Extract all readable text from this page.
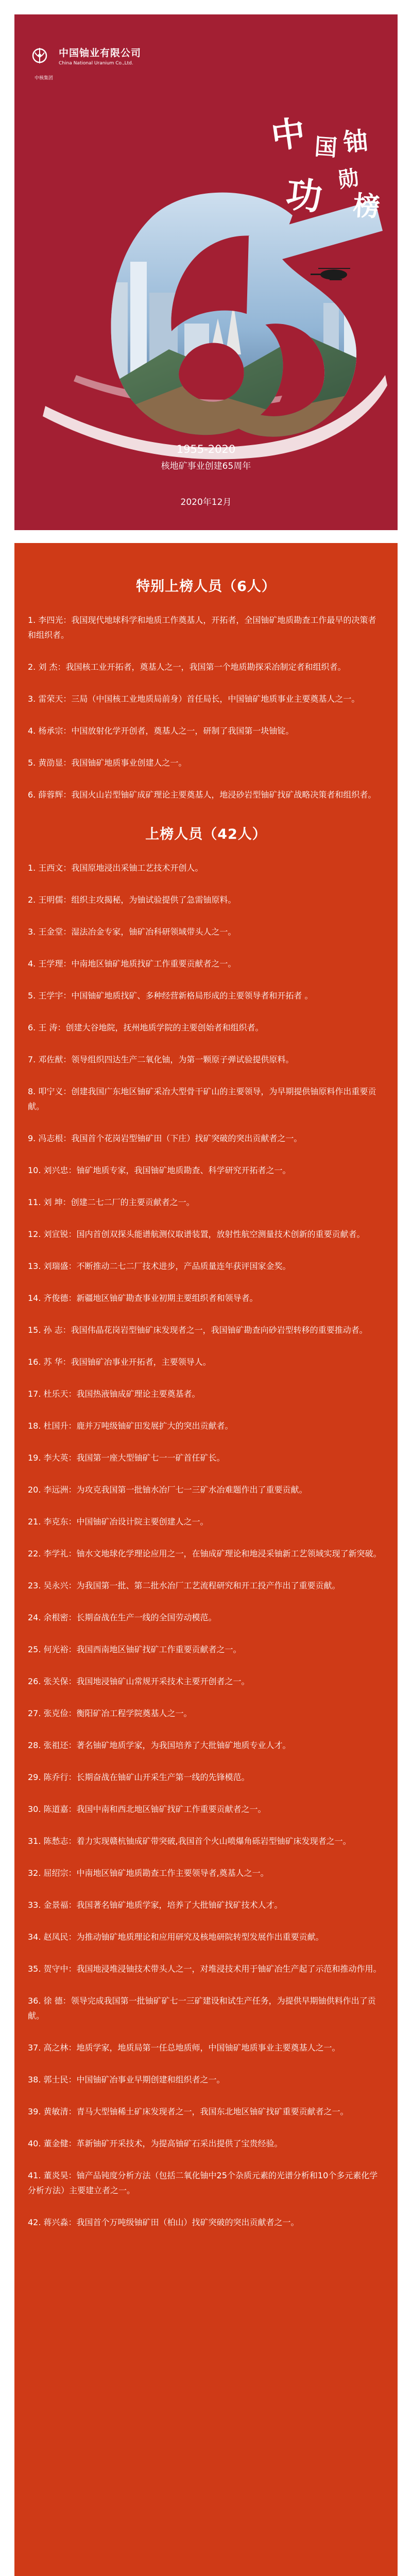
中国铀业有限公司
China National Uranium Co.,Ltd.
中核集团
中 国 铀
功 勋
榜
1955-2020
核地矿事业创建65周年
2020年12月
特别上榜人员（6人）
1. 李四光：我国现代地球科学和地质工作奠基人，开拓者，全国铀矿地质勘查工作最早的决策者和组织者。
2. 刘 杰：我国核工业开拓者，奠基人之一，我国第一个地质勘探采冶制定者和组织者。
3. 雷荣天：三局（中国核工业地质局前身）首任局长，中国铀矿地质事业主要奠基人之一。
4. 杨承宗：中国放射化学开创者，奠基人之一，研制了我国第一块铀锭。
5. 黄劭显：我国铀矿地质事业创建人之一。
6. 薛蓉辉：我国火山岩型铀矿成矿理论主要奠基人，地浸砂岩型铀矿找矿战略决策者和组织者。
上榜人员（42人）
1. 王西文：我国原地浸出采铀工艺技术开创人。
2. 王明儒：组织主攻揭秘，为铀试验提供了急需铀原料。
3. 王金堂：湿法冶金专家，铀矿冶科研领域带头人之一。
4. 王学理：中南地区铀矿地质找矿工作重要贡献者之一。
5. 王学宇：中国铀矿地质找矿、多种经营新格局形成的主要领导者和开拓者 。
6. 王 涛：创建大谷地院，抚州地质学院的主要创始者和组织者。
7. 邓佐猷：领导组织四达生产二氧化铀，为第一颗原子弹试验提供原料。
8. 叩宁义：创建我国广东地区铀矿采冶大型骨干矿山的主要领导，为早期提供铀原料作出重要贡献。
9. 冯志根：我国首个花岗岩型铀矿田（下庄）找矿突破的突出贡献者之一。
10. 刘兴忠：铀矿地质专家，我国铀矿地质勘查、科学研究开拓者之一。
11. 刘 坤：创建二七二厂的主要贡献者之一。
12. 刘宣锐：国内首创双探头能谱航测仪取谱装置，放射性航空测量技术创新的重要贡献者。
13. 刘瑞盛：不断推动二七二厂技术进步，产品质量连年获评国家金奖。
14. 齐俊德：新疆地区铀矿勘查事业初期主要组织者和领导者。
15. 孙 志：我国伟晶花岗岩型铀矿床发现者之一，我国铀矿勘查向砂岩型转移的重要推动者。
16. 苏 华：我国铀矿冶事业开拓者，主要领导人。
17. 杜乐天：我国热液铀成矿理论主要奠基者。
18. 杜国升：鹿并万吨级铀矿田发展扩大的突出贡献者。
19. 李大英：我国第一座大型铀矿七一一矿首任矿长。
20. 李远洲：为攻克我国第一批铀水冶厂七一三矿水冶难题作出了重要贡献。
21. 李克东：中国铀矿冶设计院主要创建人之一。
22. 李学礼：铀水文地球化学理论应用之一，在铀成矿理论和地浸采铀新工艺领域实现了新突破。
23. 吴永兴：为我国第一批、第二批水冶厂工艺流程研究和开工投产作出了重要贡献。
24. 余根密：长期奋战在生产一线的全国劳动模范。
25. 何光裕：我国西南地区铀矿找矿工作重要贡献者之一。
26. 张关保：我国地浸铀矿山常规开采技术主要开创者之一。
27. 张克俭：衡阳矿冶工程学院奠基人之一。
28. 张祖还：著名铀矿地质学家，为我国培养了大批铀矿地质专业人才。
29. 陈乔行：长期奋战在铀矿山开采生产第一线的先锋模范。
30. 陈道嘉：我国中南和西北地区铀矿找矿工作重要贡献者之一。
31. 陈愁志：着力实现赣杭铀成矿带突破,我国首个火山喷爆角砾岩型铀矿床发现者之一。
32. 屈绍宗：中南地区铀矿地质勘查工作主要领导者,奠基人之一。
33. 金景福：我国著名铀矿地质学家，培养了大批铀矿找矿技术人才。
34. 赵凤民：为推动铀矿地质理论和应用研究及核地研院转型发展作出重要贡献。
35. 贺守中：我国地浸堆浸铀技术带头人之一，对堆浸技术用于铀矿冶生产起了示范和推动作用。
36. 徐 德：领导完成我国第一批铀矿矿七一三矿建设和试生产任务，为提供早期铀供料作出了贡献。
37. 高之林：地质学家，地质局第一任总地质师，中国铀矿地质事业主要奠基人之一。
38. 郭士民：中国铀矿冶事业早期创建和组织者之一。
39. 黄敏清：青马大型铀稀土矿床发现者之一，我国东北地区铀矿找矿重要贡献者之一。
40. 董金健：革新铀矿开采技术，为提高铀矿石采出提供了宝贵经验。
41. 董炎昊：铀产品钝度分析方法（包括二氧化铀中25个杂质元素的光谱分析和10个多元素化学分析方法）主要建立者之一。
42. 蒋兴淼：我国首个万吨级铀矿田（柏山）找矿突破的突出贡献者之一。
